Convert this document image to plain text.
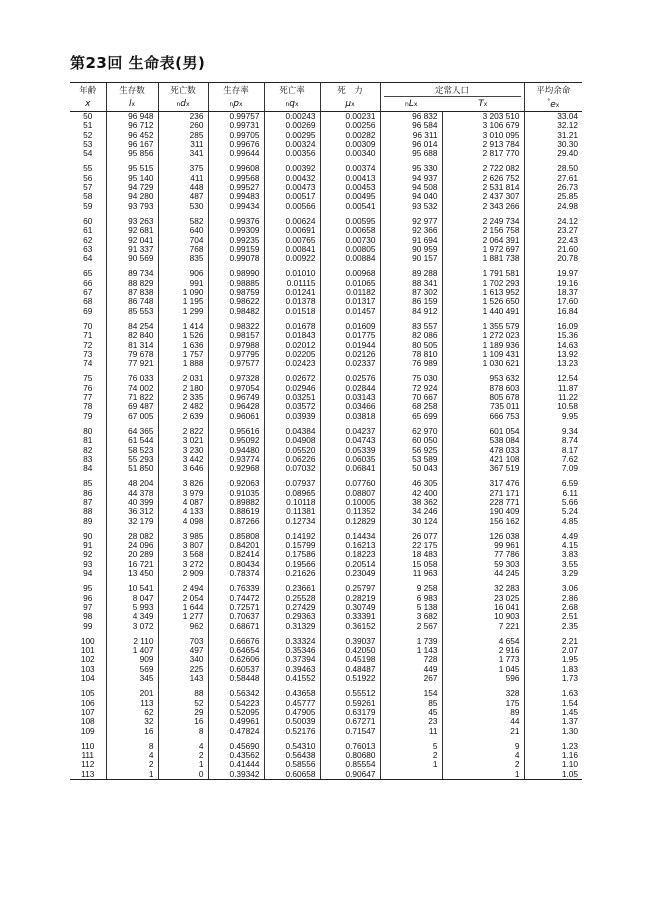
第23回 生命表(男)
年齢	生存数	死亡数	生存率	死亡率	死　力	定常人口		平均余命
x	lx	ndx	npx	nqx	μx	nLx	Tx	°ex
50	96 948	236	0.99757	0.00243	0.00231	96 832	3 203 510	33.04
51	96 712	260	0.99731	0.00269	0.00256	96 584	3 106 679	32.12
52	96 452	285	0.99705	0.00295	0.00282	96 311	3 010 095	31.21
53	96 167	311	0.99676	0.00324	0.00309	96 014	2 913 784	30.30
54	95 856	341	0.99644	0.00356	0.00340	95 688	2 817 770	29.40

55	95 515	375	0.99608	0.00392	0.00374	95 330	2 722 082	28.50
56	95 140	411	0.99568	0.00432	0.00413	94 937	2 626 752	27.61
57	94 729	448	0.99527	0.00473	0.00453	94 508	2 531 814	26.73
58	94 280	487	0.99483	0.00517	0.00495	94 040	2 437 307	25.85
59	93 793	530	0.99434	0.00566	0.00541	93 532	2 343 266	24.98

60	93 263	582	0.99376	0.00624	0.00595	92 977	2 249 734	24.12
61	92 681	640	0.99309	0.00691	0.00658	92 366	2 156 758	23.27
62	92 041	704	0.99235	0.00765	0.00730	91 694	2 064 391	22.43
63	91 337	768	0.99159	0.00841	0.00805	90 959	1 972 697	21.60
64	90 569	835	0.99078	0.00922	0.00884	90 157	1 881 738	20.78

65	89 734	906	0.98990	0.01010	0.00968	89 288	1 791 581	19.97
66	88 829	991	0.98885	0.01115	0.01065	88 341	1 702 293	19.16
67	87 838	1 090	0.98759	0.01241	0.01182	87 302	1 613 952	18.37
68	86 748	1 195	0.98622	0.01378	0.01317	86 159	1 526 650	17.60
69	85 553	1 299	0.98482	0.01518	0.01457	84 912	1 440 491	16.84

70	84 254	1 414	0.98322	0.01678	0.01609	83 557	1 355 579	16.09
71	82 840	1 526	0.98157	0.01843	0.01775	82 086	1 272 023	15.36
72	81 314	1 636	0.97988	0.02012	0.01944	80 505	1 189 936	14.63
73	79 678	1 757	0.97795	0.02205	0.02126	78 810	1 109 431	13.92
74	77 921	1 888	0.97577	0.02423	0.02337	76 989	1 030 621	13.23

75	76 033	2 031	0.97328	0.02672	0.02576	75 030	953 632	12.54
76	74 002	2 180	0.97054	0.02946	0.02844	72 924	878 603	11.87
77	71 822	2 335	0.96749	0.03251	0.03143	70 667	805 678	11.22
78	69 487	2 482	0.96428	0.03572	0.03466	68 258	735 011	10.58
79	67 005	2 639	0.96061	0.03939	0.03818	65 699	666 753	9.95

80	64 365	2 822	0.95616	0.04384	0.04237	62 970	601 054	9.34
81	61 544	3 021	0.95092	0.04908	0.04743	60 050	538 084	8.74
82	58 523	3 230	0.94480	0.05520	0.05339	56 925	478 033	8.17
83	55 293	3 442	0.93774	0.06226	0.06035	53 589	421 108	7.62
84	51 850	3 646	0.92968	0.07032	0.06841	50 043	367 519	7.09

85	48 204	3 826	0.92063	0.07937	0.07760	46 305	317 476	6.59
86	44 378	3 979	0.91035	0.08965	0.08807	42 400	271 171	6.11
87	40 399	4 087	0.89882	0.10118	0.10005	38 362	228 771	5.66
88	36 312	4 133	0.88619	0.11381	0.11352	34 246	190 409	5.24
89	32 179	4 098	0.87266	0.12734	0.12829	30 124	156 162	4.85

90	28 082	3 985	0.85808	0.14192	0.14434	26 077	126 038	4.49
91	24 096	3 807	0.84201	0.15799	0.16213	22 175	99 961	4.15
92	20 289	3 568	0.82414	0.17586	0.18223	18 483	77 786	3.83
93	16 721	3 272	0.80434	0.19566	0.20514	15 058	59 303	3.55
94	13 450	2 909	0.78374	0.21626	0.23049	11 963	44 245	3.29

95	10 541	2 494	0.76339	0.23661	0.25797	9 258	32 283	3.06
96	8 047	2 054	0.74472	0.25528	0.28219	6 983	23 025	2.86
97	5 993	1 644	0.72571	0.27429	0.30749	5 138	16 041	2.68
98	4 349	1 277	0.70637	0.29363	0.33391	3 682	10 903	2.51
99	3 072	962	0.68671	0.31329	0.36152	2 567	7 221	2.35

100	2 110	703	0.66676	0.33324	0.39037	1 739	4 654	2.21
101	1 407	497	0.64654	0.35346	0.42050	1 143	2 916	2.07
102	909	340	0.62606	0.37394	0.45198	728	1 773	1.95
103	569	225	0.60537	0.39463	0.48487	449	1 045	1.83
104	345	143	0.58448	0.41552	0.51922	267	596	1.73

105	201	88	0.56342	0.43658	0.55512	154	328	1.63
106	113	52	0.54223	0.45777	0.59261	85	175	1.54
107	62	29	0.52095	0.47905	0.63179	45	89	1.45
108	32	16	0.49961	0.50039	0.67271	23	44	1.37
109	16	8	0.47824	0.52176	0.71547	11	21	1.30

110	8	4	0.45690	0.54310	0.76013	5	9	1.23
111	4	2	0.43562	0.56438	0.80680	2	4	1.16
112	2	1	0.41444	0.58556	0.85554	1	2	1.10
113	1	0	0.39342	0.60658	0.90647		1	1.05
